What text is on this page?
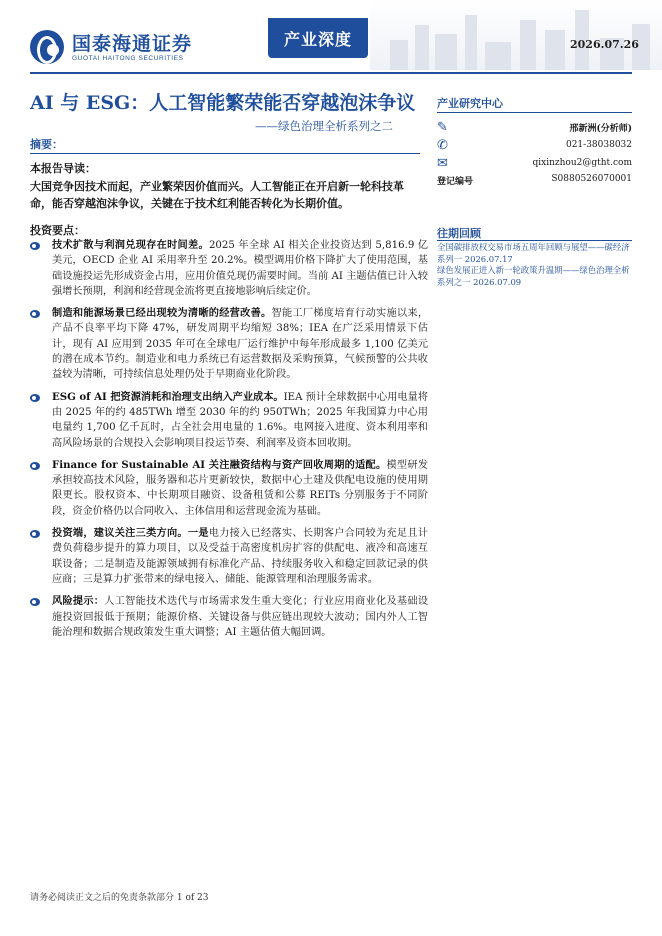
国泰海通证券
GUOTAI HAITONG SECURITIES
产业深度	2026.07.26
AI 与 ESG：人工智能繁荣能否穿越泡沫争议
——绿色治理全析系列之二
摘要：
本报告导读：
大国竞争因技术而起，产业繁荣因价值而兴。人工智能正在开启新一轮科技革命，能否穿越泡沫争议，关键在于技术红利能否转化为长期价值。
投资要点：
技术扩散与利润兑现存在时间差。2025 年全球 AI 相关企业投资达到 5,816.9 亿美元，OECD 企业 AI 采用率升至 20.2%。模型调用价格下降扩大了使用范围，基础设施投运先形成资金占用，应用价值兑现仍需要时间。当前 AI 主题估值已计入较强增长预期，利润和经营现金流将更直接地影响后续定价。
制造和能源场景已经出现较为清晰的经营改善。智能工厂梯度培育行动实施以来，产品不良率平均下降 47%，研发周期平均缩短 38%；IEA 在广泛采用情景下估计，现有 AI 应用到 2035 年可在全球电厂运行维护中每年形成最多 1,100 亿美元的潜在成本节约。制造业和电力系统已有运营数据及采购预算，气候预警的公共收益较为清晰，可持续信息处理仍处于早期商业化阶段。
ESG of AI 把资源消耗和治理支出纳入产业成本。IEA 预计全球数据中心用电量将由 2025 年的约 485TWh 增至 2030 年的约 950TWh；2025 年我国算力中心用电量约 1,700 亿千瓦时，占全社会用电量的 1.6%。电网接入进度、资本利用率和高风险场景的合规投入会影响项目投运节奏、利润率及资本回收期。
Finance for Sustainable AI 关注融资结构与资产回收周期的适配。模型研发承担较高技术风险，服务器和芯片更新较快，数据中心土建及供配电设施的使用期限更长。股权资本、中长期项目融资、设备租赁和公募 REITs 分别服务于不同阶段，资金价格仍以合同收入、主体信用和运营现金流为基础。
投资端，建议关注三类方向。一是电力接入已经落实、长期客户合同较为充足且计费负荷稳步提升的算力项目，以及受益于高密度机房扩容的供配电、液冷和高速互联设备；二是制造及能源领域拥有标准化产品、持续服务收入和稳定回款记录的供应商；三是算力扩张带来的绿电接入、储能、能源管理和治理服务需求。
风险提示：人工智能技术迭代与市场需求发生重大变化；行业应用商业化及基础设施投资回报低于预期；能源价格、关键设备与供应链出现较大波动；国内外人工智能治理和数据合规政策发生重大调整；AI 主题估值大幅回调。
产业研究中心
✎	邢新洲(分析师)
✆	021-38038032
✉	qixinzhou2@gtht.com
登记编号	S0880526070001
往期回顾
全国碳排放权交易市场五周年回顾与展望——碳经济系列一 2026.07.17
绿色发展正进入新一轮政策升温期——绿色治理全析系列之一 2026.07.09
请务必阅读正文之后的免责条款部分 1 of 23
